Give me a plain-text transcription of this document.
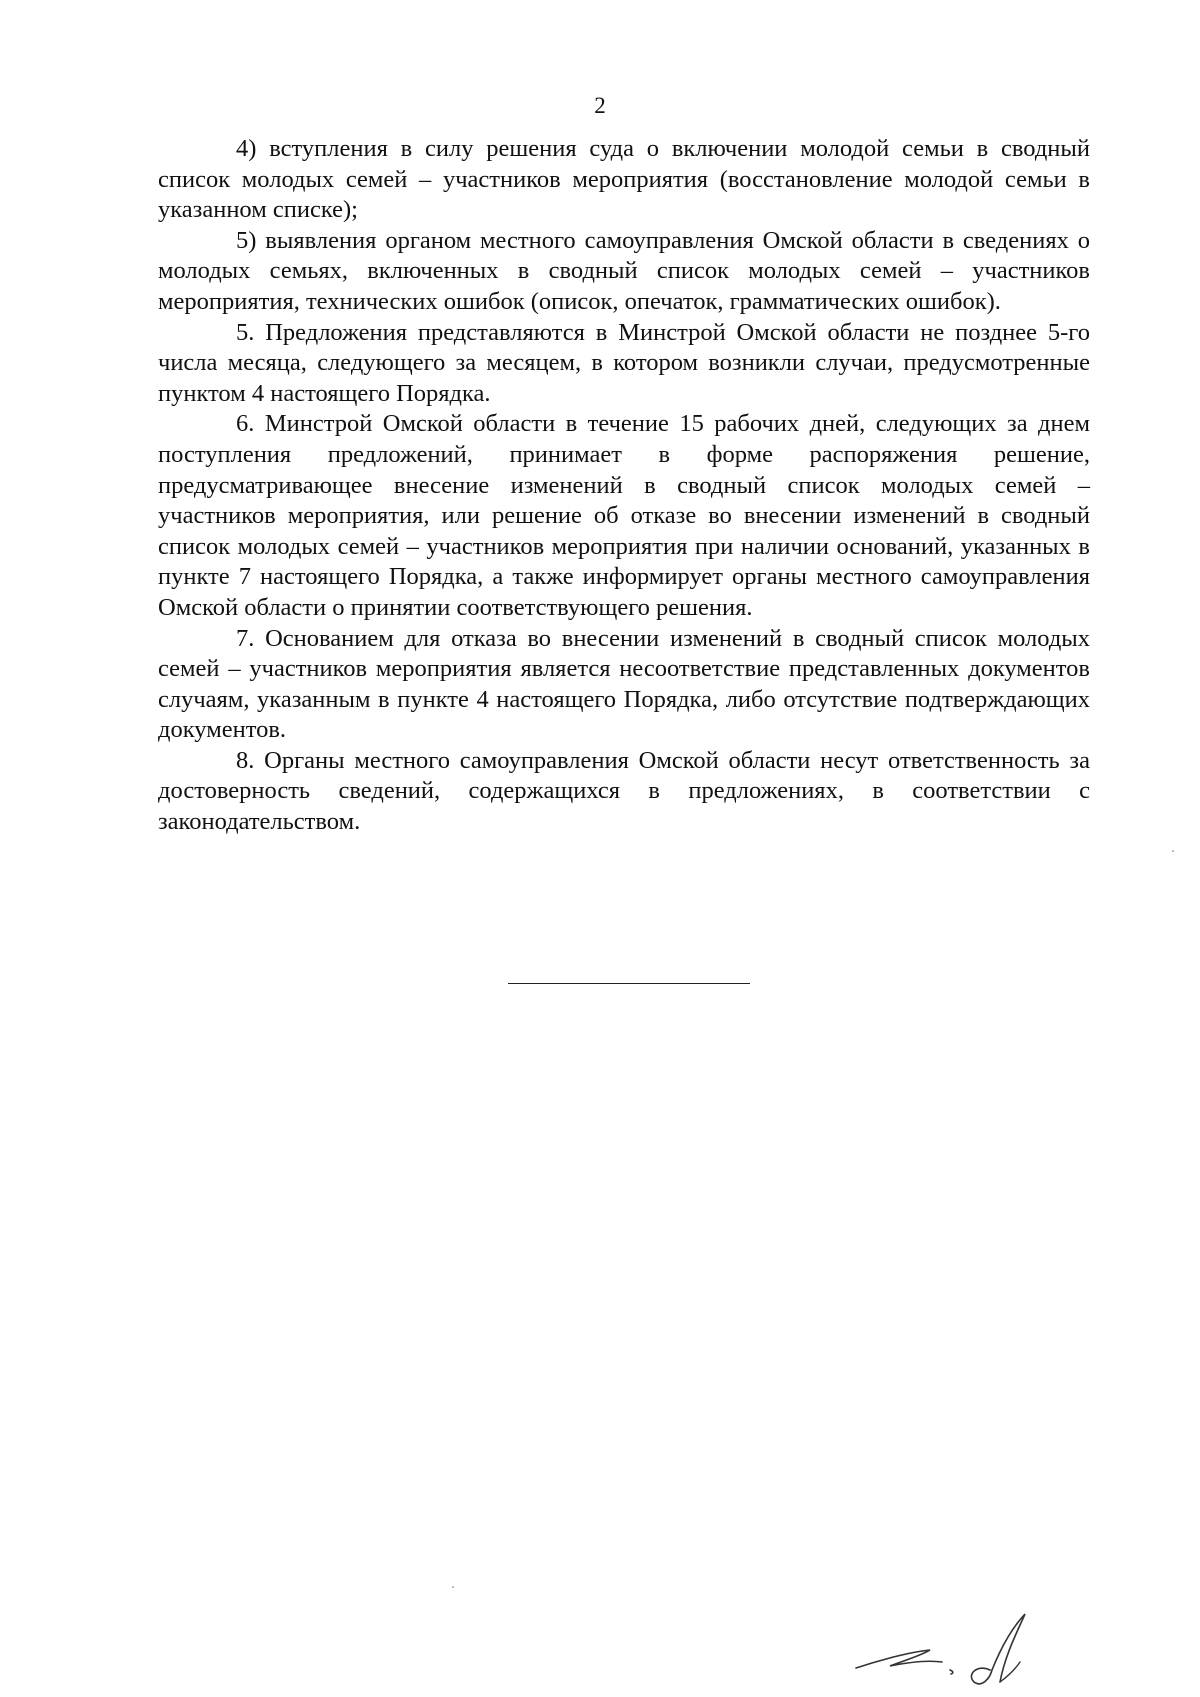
2

4) вступления в силу решения суда о включении молодой семьи в сводный список молодых семей – участников мероприятия (восстановление молодой семьи в указанном списке);

5) выявления органом местного самоуправления Омской области в сведениях о молодых семьях, включенных в сводный список молодых семей – участников мероприятия, технических ошибок (описок, опечаток, грамматических ошибок).

5. Предложения представляются в Минстрой Омской области не позднее 5-го числа месяца, следующего за месяцем, в котором возникли случаи, предусмотренные пунктом 4 настоящего Порядка.

6. Минстрой Омской области в течение 15 рабочих дней, следующих за днем поступления предложений, принимает в форме распоряжения решение, предусматривающее внесение изменений в сводный список молодых семей – участников мероприятия, или решение об отказе во внесении изменений в сводный список молодых семей – участников мероприятия при наличии оснований, указанных в пункте 7 настоящего Порядка, а также информирует органы местного самоуправления Омской области о принятии соответствующего решения.

7. Основанием для отказа во внесении изменений в сводный список молодых семей – участников мероприятия является несоответствие представленных документов случаям, указанным в пункте 4 настоящего Порядка, либо отсутствие подтверждающих документов.

8. Органы местного самоуправления Омской области несут ответственность за достоверность сведений, содержащихся в предложениях, в соответствии с законодательством.
